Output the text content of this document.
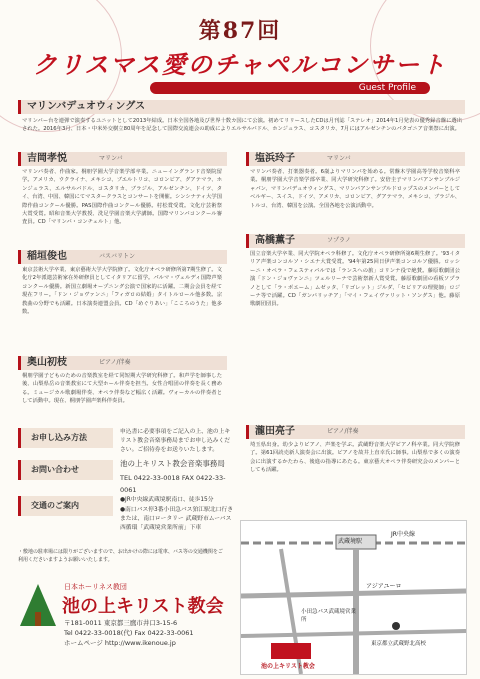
第87回
クリスマス愛のチャペルコンサート
Guest Profile
マリンバデュオウィングス
マリンバー台を連弾で演奏するユニットとして2013年結成。日本全国各地及び世界十数カ国にて公演。初めてリリースしたCDは月刊誌「ステレオ」2014年1月発表の優秀録音盤に選出された。2016年3月、日本・中米外交樹立80周年を記念して国際交流連会の助成によりエルサルバドル、ホンジュラス、コスタリカ、7月にはアルゼンチンのパタゴニア音楽祭に出演。
吉岡孝悦	マリンバ
マリンバ奏者、作曲家。桐朋学園大学音楽学部卒業。ニューイングランド音楽院留学。アメリカ、ウクライナ、メキシコ、ブエルトリコ、コロンビア、グアテマラ、ホンジュラス、エルサルバドル、コスタリカ、ブラジル、アルゼンチン、ドイツ、タイ、台湾、中国、韓国にてマスタークラスとコンサートを開催。シンシナティ大学国際作曲コンクール優勝。PAS国際作曲コンクール優勝。村松賞受賞。文化庁芸術祭大賞受賞。昭和音楽大学教授、洗足学園音楽大学講師。国際マリンバコンクール審査員。CD「マリンバ・コンチェルト」他。
稲垣俊也	バスバリトン
東京芸術大学卒業、東京藝術大学大学院修了。文化庁オペラ研修所第7期生修了。文化庁2年派遣芸術家在外研修員としてイタリアに留学。パルマ・ヴェルディ国際声楽コンクール優勝。新国立劇場オープニング公演で国家的に活躍。二期会会員を経て現在フリー。「ドン・ジョヴァンニ」「フィガロの結婚」タイトルロール他多数。宗教曲の分野でも活躍。日本演奏連盟会員。CD「めぐりあい」「こころのうた」他多数。
奥山初枝	ピアノ/伴奏
桐朋学園子どものための音楽教室を経て同短期大学研究科修了。和声学を師事した後、山梨県岳の音楽教室にて大型ホール伴奏を担当。女性合唱団の伴奏を長く務める。ミュージカル歌劇場伴奏、オペラ伴奏など幅広く活躍。ヴォーカルの伴奏者として活動中。現在、桐朋学園声楽科伴奏員。
塩浜玲子	マリンバ
マリンバ奏者、打楽器奏者。6歳よりマリンバを始める。常盤木学園高等学校音楽科卒業。桐朋学園大学音楽学部卒業、同大学研究科修了。安倍圭子マリンバアンサンブルジャパン、マリンバデュオウィングス、マリンバアンサンブルドロップスのメンバーとしてベルギー、スイス、ドイツ、アメリカ、コロンビア、グアテマラ、メキシコ、ブラジル、トルコ、台湾、韓国を公演。全国各地を公演活動中。
高橋薫子	ソプラノ
国立音楽大学卒業、同大学院オペラ科修了。文化庁オペラ研修所第6期生修了。'93イタリア声楽コンコルソ・シエナ大賞受賞。'94年第25回日伊声楽コンコルソ優勝。ロッシーニ・オペラ・フェスティバルでは「ランスへの旅」コリンナ役で絶賛。藤原歌劇団公演「ドン・ジョヴァンニ」ツェルリーナで芸術祭新人賞受賞。藤原歌劇団の看板ソプラノとして「ラ・ボエーム」ムゼッタ、「リゴレット」ジルダ、「セビリアの理髪師」ロジーナ等で活躍。CD「ガンバリッチア」「マイ・フェイヴァリット・ソングス」他。藤原歌劇団団員。
瀧田亮子	ピアノ/伴奏
埼玉県出身。幼少よりピアノ、声楽を学ぶ。武蔵野音楽大学ピアノ科卒業。同大学院修了。第61回読売新人演奏会に出演。ピアノを故井上直幸氏に師事。山梨県で多くの演奏会に出演するかたわら、後進の指導にあたる。東京藝大オペラ伴奏研究会のメンバーとしても活躍。
お申し込み方法
申込書に必要事項をご記入の上、池の上キリスト教会音楽事務局までお申し込みください。ご招待券をお送りいたします。
お問い合わせ
池の上キリスト教会音楽事務局
TEL 0422-33-0018 FAX 0422-33-0061
交通のご案内
●JR中央線武蔵境駅南口、徒歩15分
●南口バス停3番小田急バス狛江駅北口行きまたは、南口ロータリー 武蔵野市ムーバス西循環「武蔵境営業所前」下車
・敷地の駐車場には限りがございますので、お出かけの際には電車、バス等の交通機関をご利用くださいますようお願いいたします。
日本ホーリネス教団
池の上キリスト教会
〒181-0011 東京都三鷹市井口3-15-6
Tel 0422-33-0018(代) Fax 0422-33-0061
ホームページ http://www.ikenoue.jp
武蔵境駅
JR中央線
アジアユーロ
小田急バス武蔵境営業所
東京都立武蔵野北高校
池の上キリスト教会
